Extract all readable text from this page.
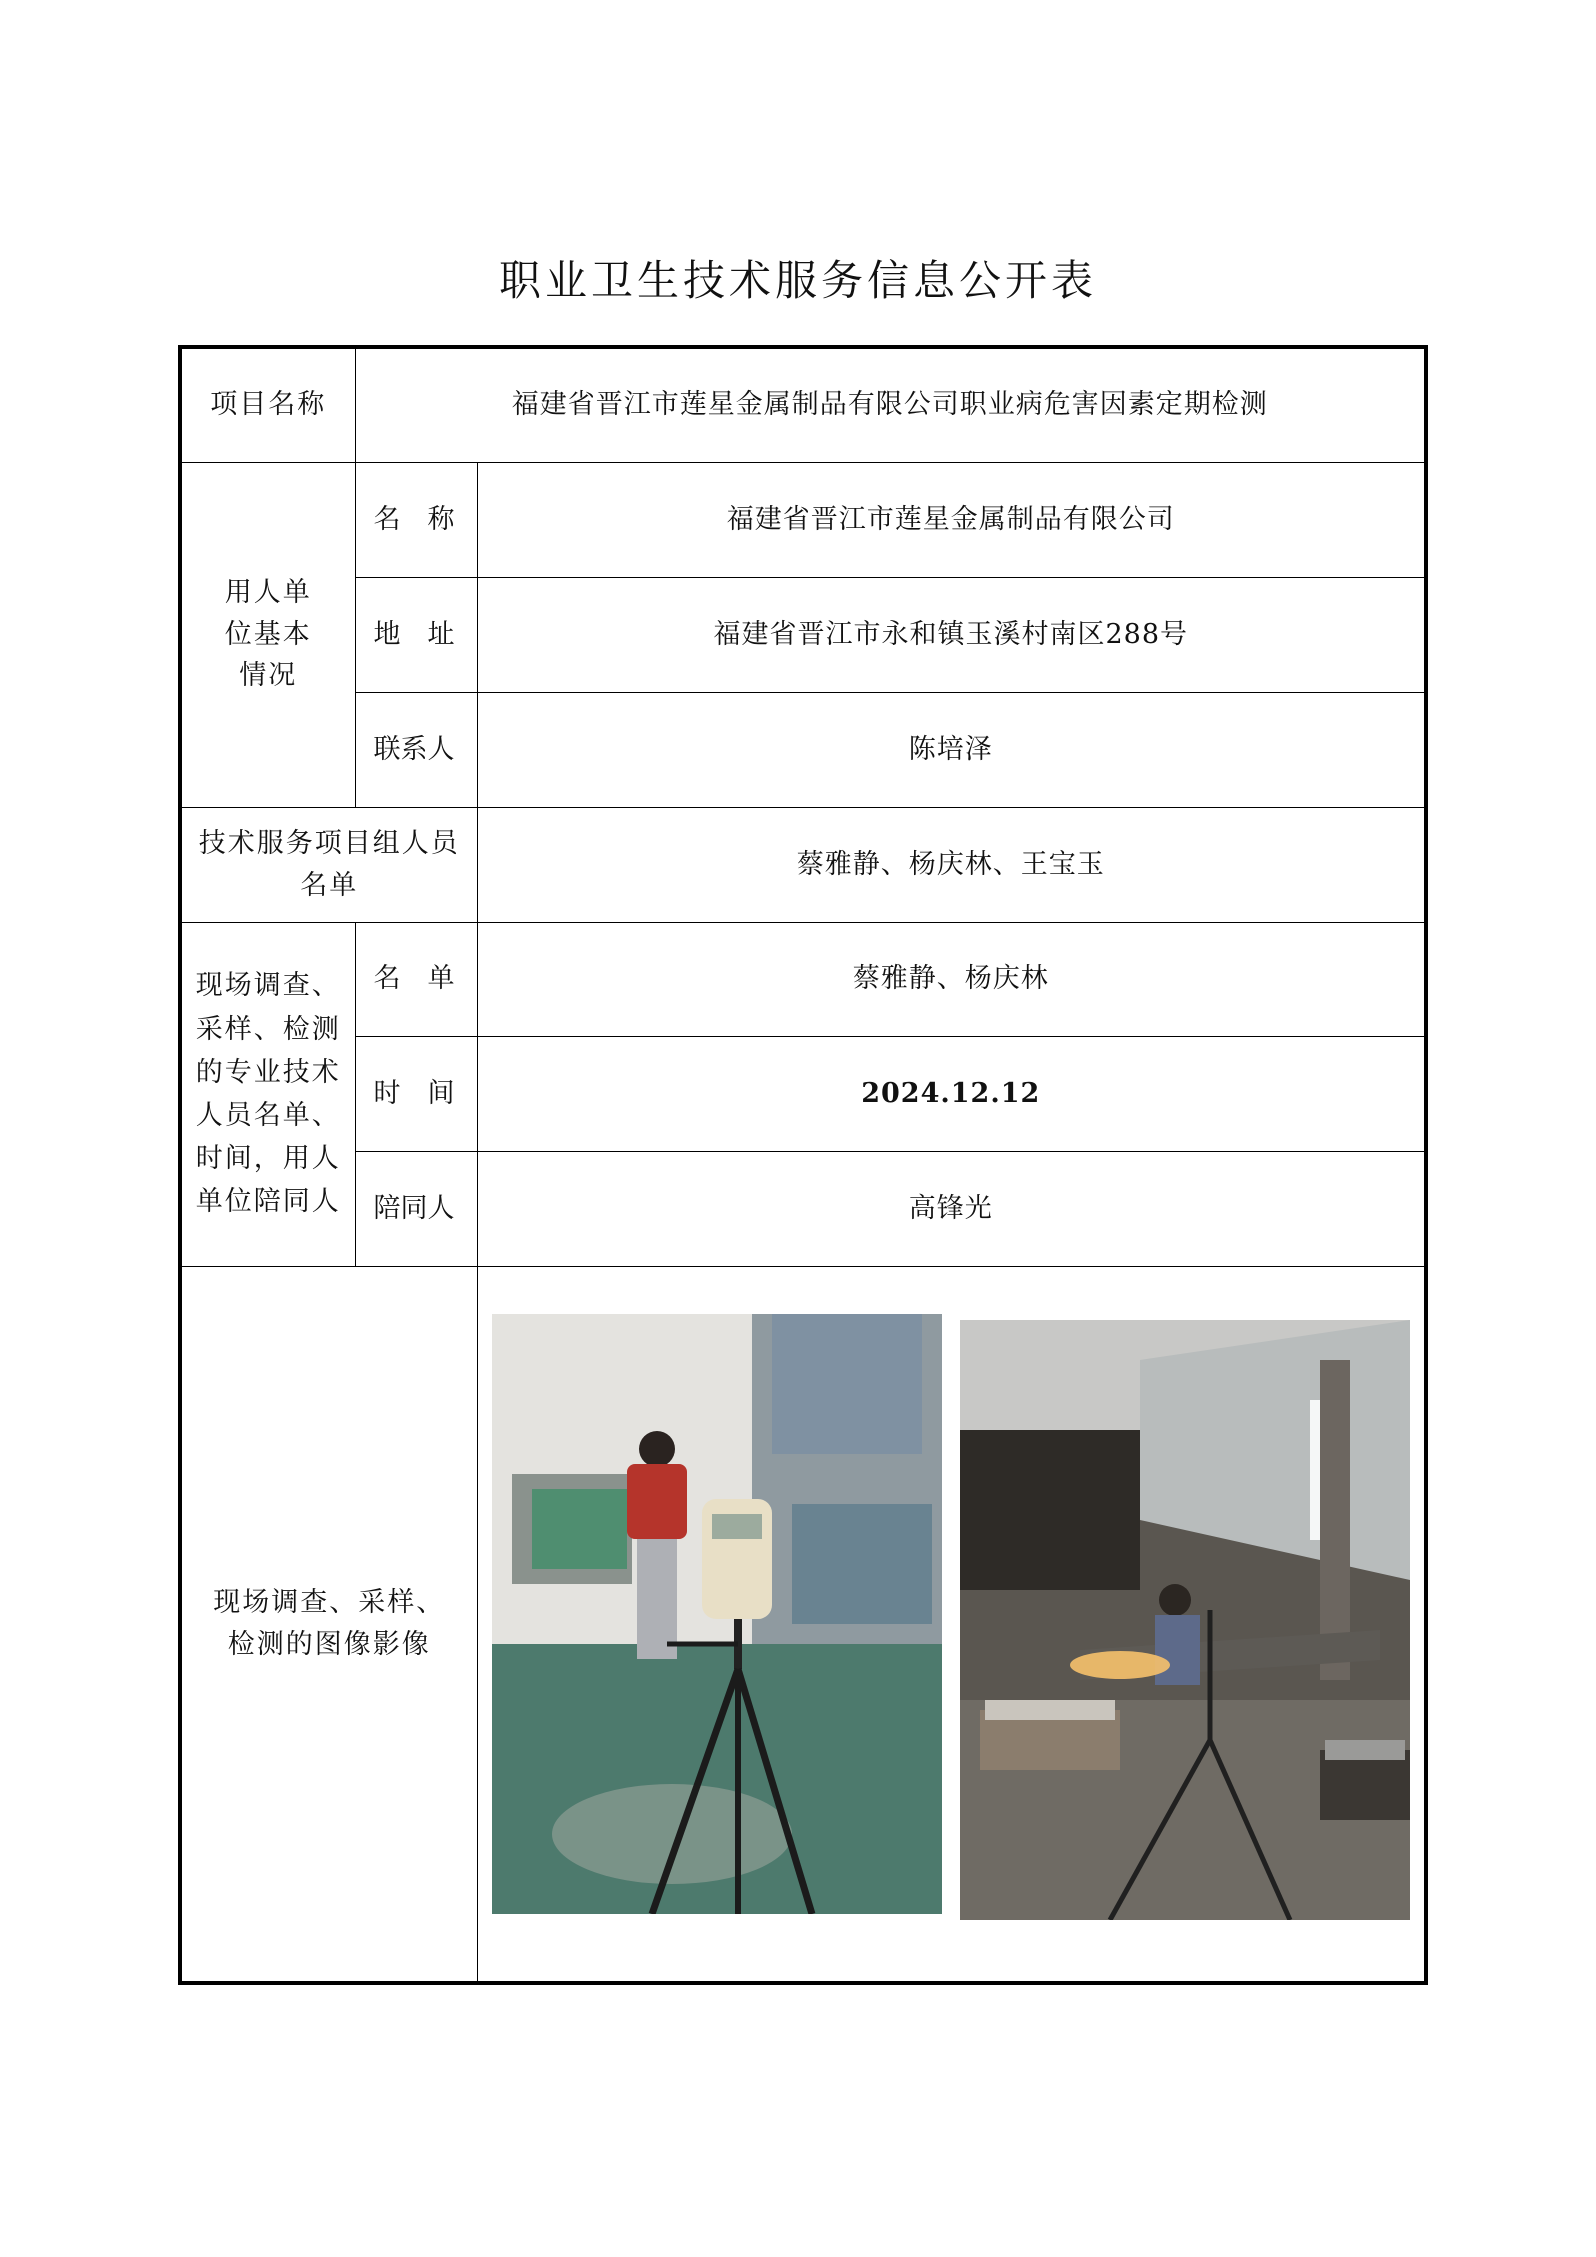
职业卫生技术服务信息公开表
项目名称	福建省晋江市莲星金属制品有限公司职业病危害因素定期检测	
用人单位基本情况	名　称	福建省晋江市莲星金属制品有限公司
	地　址	福建省晋江市永和镇玉溪村南区288号
	联系人	陈培泽
技术服务项目组人员名单		蔡雅静、杨庆林、王宝玉
现场调查、采样、检测的专业技术人员名单、时间，用人单位陪同人	名　单	蔡雅静、杨庆林
	时　间	2024.12.12
	陪同人	高锋光
现场调查、采样、检测的图像影像	
